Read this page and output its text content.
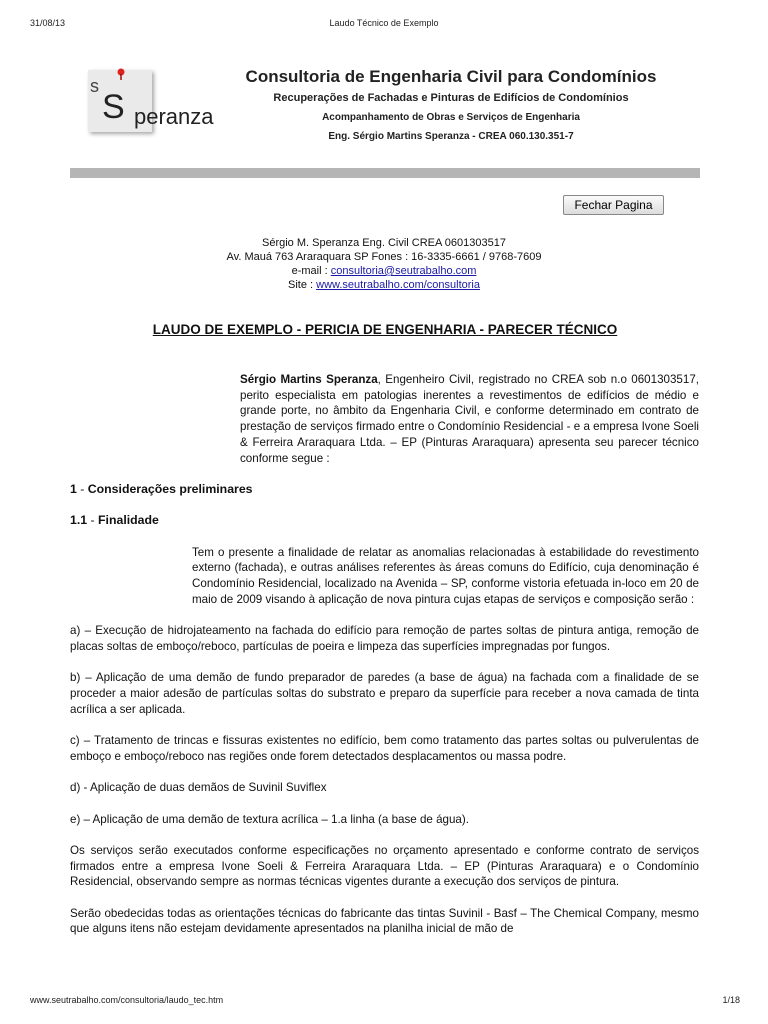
31/08/13	Laudo Técnico de Exemplo
s
S peranza
Consultoria de Engenharia Civil para Condomínios
Recuperações de Fachadas e Pinturas de Edifícios de Condomínios
Acompanhamento de Obras e Serviços de Engenharia
Eng. Sérgio Martins Speranza - CREA 060.130.351-7
Fechar Pagina
Sérgio M. Speranza Eng. Civil CREA 0601303517
Av. Mauá 763 Araraquara SP Fones : 16-3335-6661 / 9768-7609
e-mail : consultoria@seutrabalho.com
Site : www.seutrabalho.com/consultoria
LAUDO DE EXEMPLO - PERICIA DE ENGENHARIA - PARECER TÉCNICO

Sérgio Martins Speranza, Engenheiro Civil, registrado no CREA sob n.o 0601303517, perito especialista em patologias inerentes a revestimentos de edifícios de médio e grande porte, no âmbito da Engenharia Civil, e conforme determinado em contrato de prestação de serviços firmado entre o Condomínio Residencial - e a empresa Ivone Soeli & Ferreira Araraquara Ltda. – EP (Pinturas Araraquara) apresenta seu parecer técnico conforme segue :

1 - Considerações preliminares
1.1 - Finalidade

Tem o presente a finalidade de relatar as anomalias relacionadas à estabilidade do revestimento externo (fachada), e outras análises referentes às áreas comuns do Edifício, cuja denominação é Condomínio Residencial, localizado na Avenida – SP, conforme vistoria efetuada in-loco em 20 de maio de 2009 visando à aplicação de nova pintura cujas etapas de serviços e composição serão :

a) – Execução de hidrojateamento na fachada do edifício para remoção de partes soltas de pintura antiga, remoção de placas soltas de emboço/reboco, partículas de poeira e limpeza das superfícies impregnadas por fungos.

b) – Aplicação de uma demão de fundo preparador de paredes (a base de água) na fachada com a finalidade de se proceder a maior adesão de partículas soltas do substrato e preparo da superfície para receber a nova camada de tinta acrílica a ser aplicada.

c) – Tratamento de trincas e fissuras existentes no edifício, bem como tratamento das partes soltas ou pulverulentas de emboço e emboço/reboco nas regiões onde forem detectados desplacamentos ou massa podre.

d) - Aplicação de duas demãos de Suvinil Suviflex

e) – Aplicação de uma demão de textura acrílica – 1.a linha (a base de água).

Os serviços serão executados conforme especificações no orçamento apresentado e conforme contrato de serviços firmados entre a empresa Ivone Soeli & Ferreira Araraquara Ltda. – EP (Pinturas Araraquara) e o Condomínio Residencial, observando sempre as normas técnicas vigentes durante a execução dos serviços de pintura.

Serão obedecidas todas as orientações técnicas do fabricante das tintas Suvinil - Basf – The Chemical Company, mesmo que alguns itens não estejam devidamente apresentados na planilha inicial de mão de

www.seutrabalho.com/consultoria/laudo_tec.htm	1/18
